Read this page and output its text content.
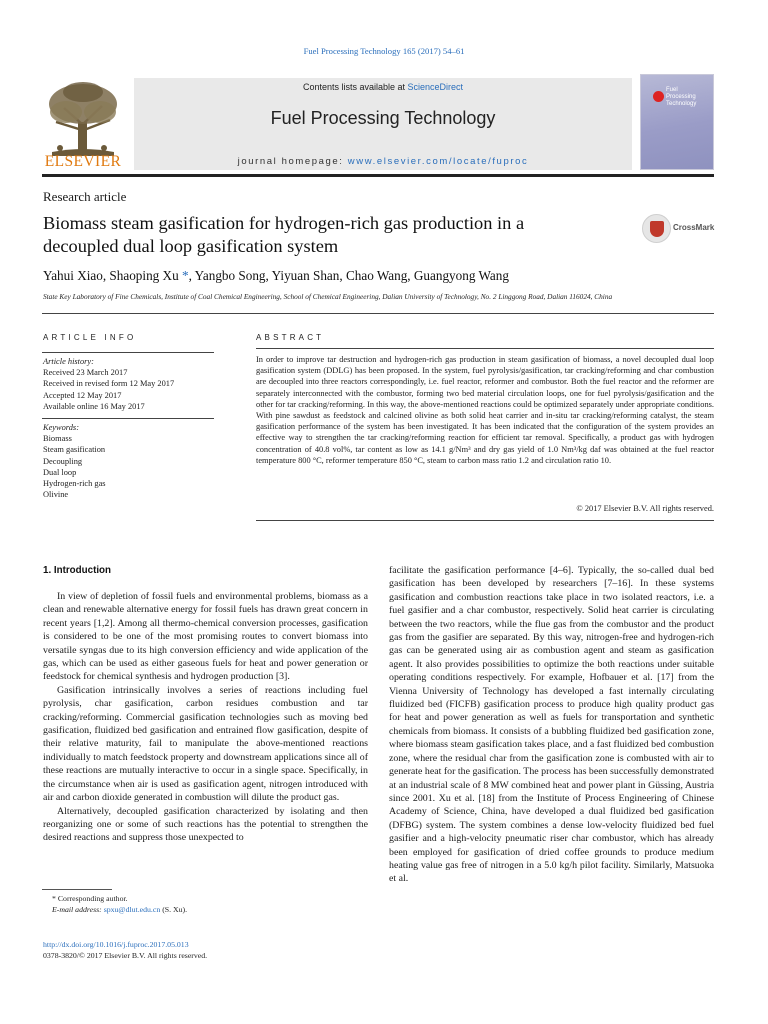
Fuel Processing Technology 165 (2017) 54–61
ELSEVIER
Contents lists available at ScienceDirect
Fuel Processing Technology
journal homepage: www.elsevier.com/locate/fuproc
Fuel
Processing
Technology
Research article
Biomass steam gasification for hydrogen-rich gas production in a decoupled dual loop gasification system
CrossMark
Yahui Xiao, Shaoping Xu *, Yangbo Song, Yiyuan Shan, Chao Wang, Guangyong Wang
State Key Laboratory of Fine Chemicals, Institute of Coal Chemical Engineering, School of Chemical Engineering, Dalian University of Technology, No. 2 Linggong Road, Dalian 116024, China
ARTICLE INFO
Article history:
Received 23 March 2017
Received in revised form 12 May 2017
Accepted 12 May 2017
Available online 16 May 2017
Keywords:
Biomass
Steam gasification
Decoupling
Dual loop
Hydrogen-rich gas
Olivine
ABSTRACT
In order to improve tar destruction and hydrogen-rich gas production in steam gasification of biomass, a novel decoupled dual loop gasification system (DDLG) has been proposed. In the system, fuel pyrolysis/gasification, tar cracking/reforming and char combustion are decoupled into three reactors correspondingly, i.e. fuel reactor, reformer and combustor. Both the fuel reactor and the reformer are separately interconnected with the combustor, forming two bed material circulation loops, one for fuel pyrolysis/gasification and the other for tar cracking/reforming. In this way, the above-mentioned reactions could be optimized separately under appropriate conditions. With pine sawdust as feedstock and calcined olivine as both solid heat carrier and in-situ tar cracking/reforming catalyst, the steam gasification performance of the system has been investigated. It has been indicated that the configuration of the system provides an effective way to strengthen the tar cracking/reforming reaction for efficient tar removal. Specifically, a product gas with hydrogen concentration of 40.8 vol%, tar content as low as 14.1 g/Nm³ and dry gas yield of 1.0 Nm³/kg daf was obtained at the fuel reactor temperature 800 °C, reformer temperature 850 °C, steam to carbon mass ratio 1.2 and circulation ratio 10.
© 2017 Elsevier B.V. All rights reserved.
1. Introduction

In view of depletion of fossil fuels and environmental problems, biomass as a clean and renewable alternative energy for fossil fuels has drawn great concern in recent years [1,2]. Among all thermo-chemical conversion processes, gasification is considered to be one of the most promising routes to convert biomass into versatile syngas due to its high conversion efficiency and wide application of the gas, which can be used as either gaseous fuels for heat and power generation or feedstock for chemical synthesis and hydrogen production [3].

Gasification intrinsically involves a series of reactions including fuel pyrolysis, char gasification, carbon residues combustion and tar cracking/reforming. Commercial gasification technologies such as moving bed gasification, fluidized bed gasification and entrained flow gasification, despite of their relative maturity, fail to manipulate the above-mentioned reactions individually to match feedstock property and downstream applications since all of these reactions are mutually interactive to occur in a single space. Specifically, in the circumstance when air is used as gasification agent, nitrogen introduced with air and carbon dioxide generated in combustion will dilute the product gas.

Alternatively, decoupled gasification characterized by isolating and then reorganizing one or some of such reactions has the potential to strengthen the desired reactions and suppress those unexpected to

facilitate the gasification performance [4–6]. Typically, the so-called dual bed gasification has been developed by researchers [7–16]. In these systems gasification and combustion reactions take place in two isolated reactors, i.e. a fuel gasifier and a char combustor, respectively. Solid heat carrier is circulating between the two reactors, while the flue gas from the combustor and the product gas from the gasifier are separated. By this way, nitrogen-free and hydrogen-rich gas can be generated using air as combustion agent and steam as gasification agent. It also provides possibilities to optimize the both reactions under suitable operating conditions respectively. For example, Hofbauer et al. [17] from the Vienna University of Technology has developed a fast internally circulating fluidized bed (FICFB) gasification process to produce high quality product gas for heat and power generation as well as fuels for transportation and synthetic chemicals from biomass. It consists of a bubbling fluidized bed gasification zone, where biomass steam gasification takes place, and a fast fluidized bed combustion zone, where the residual char from the gasification zone is combusted with air to generate heat for the gasification. The process has been successfully demonstrated at an industrial scale of 8 MW combined heat and power plant in Güssing, Austria since 2001. Xu et al. [18] from the Institute of Process Engineering of Chinese Academy of Science, China, have developed a dual fluidized bed gasification (DFBG) system. The system combines a dense low-velocity fluidized bed fuel gasifier and a high-velocity pneumatic riser char combustor, which has already been employed for gasification of dried coffee grounds to produce medium heating value gas free of nitrogen in a 5.0 kg/h pilot facility. Similarly, Matsuoka et al.
* Corresponding author.
E-mail address: spxu@dlut.edu.cn (S. Xu).
http://dx.doi.org/10.1016/j.fuproc.2017.05.013
0378-3820/© 2017 Elsevier B.V. All rights reserved.
